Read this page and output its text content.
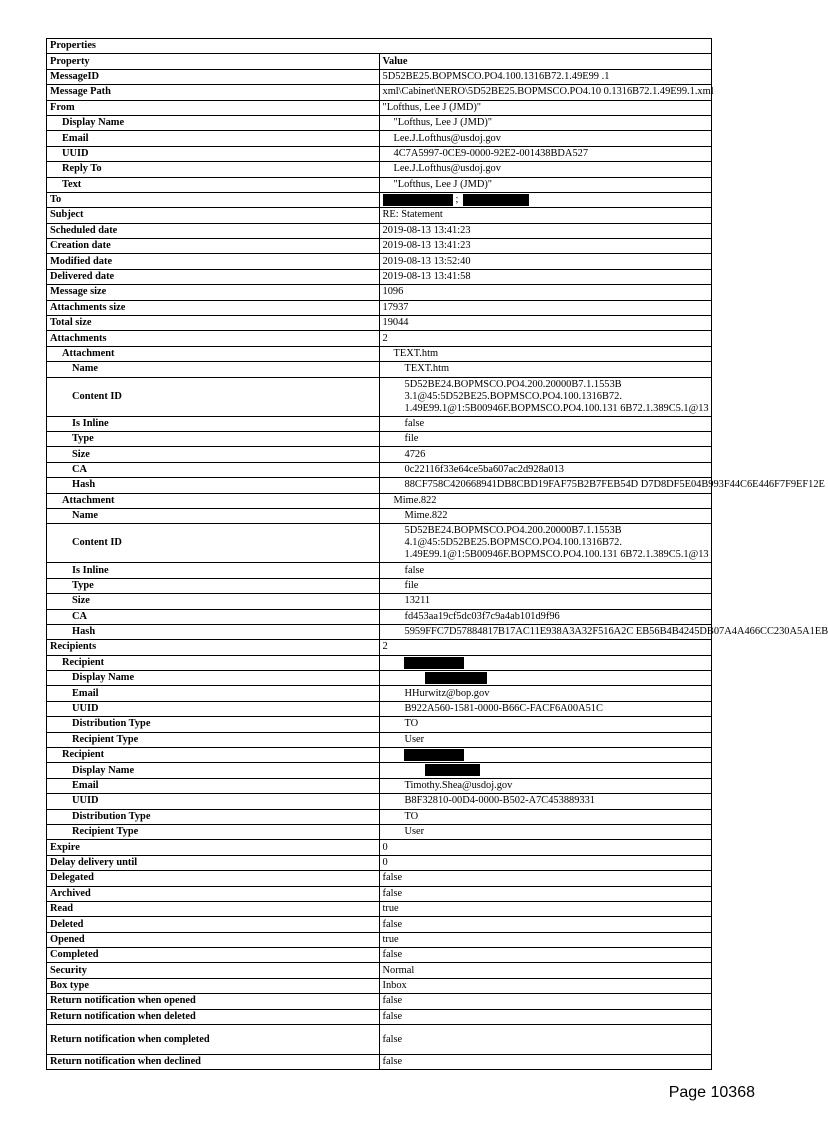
Properties	
Property	Value
MessageID	5D52BE25.BOPMSCO.PO4.100.1316B72.1.49E99 .1
Message Path	xml\Cabinet\NERO\5D52BE25.BOPMSCO.PO4.10 0.1316B72.1.49E99.1.xml
From	"Lofthus, Lee J (JMD)"
Display Name	"Lofthus, Lee J (JMD)"
Email	Lee.J.Lofthus@usdoj.gov
UUID	4C7A5997-0CE9-0000-92E2-001438BDA527
Reply To	Lee.J.Lofthus@usdoj.gov
Text	"Lofthus, Lee J (JMD)"
To	;
Subject	RE: Statement
Scheduled date	2019-08-13 13:41:23
Creation date	2019-08-13 13:41:23
Modified date	2019-08-13 13:52:40
Delivered date	2019-08-13 13:41:58
Message size	1096
Attachments size	17937
Total size	19044
Attachments	2
Attachment	TEXT.htm
Name	TEXT.htm
Content ID	5D52BE24.BOPMSCO.PO4.200.20000B7.1.1553B 3.1@45:5D52BE25.BOPMSCO.PO4.100.1316B72. 1.49E99.1@1:5B00946F.BOPMSCO.PO4.100.131 6B72.1.389C5.1@13
Is Inline	false
Type	file
Size	4726
CA	0c22116f33e64ce5ba607ac2d928a013
Hash	88CF758C420668941DB8CBD19FAF75B2B7FEB54D D7D8DF5E04B993F44C6E446F7F9EF12E
Attachment	Mime.822
Name	Mime.822
Content ID	5D52BE24.BOPMSCO.PO4.200.20000B7.1.1553B 4.1@45:5D52BE25.BOPMSCO.PO4.100.1316B72. 1.49E99.1@1:5B00946F.BOPMSCO.PO4.100.131 6B72.1.389C5.1@13
Is Inline	false
Type	file
Size	13211
CA	fd453aa19cf5dc03f7c9a4ab101d9f96
Hash	5959FFC7D57884817B17AC11E938A3A32F516A2C EB56B4B4245DB07A4A466CC230A5A1EB
Recipients	2
Recipient	
Display Name	
Email	HHurwitz@bop.gov
UUID	B922A560-1581-0000-B66C-FACF6A00A51C
Distribution Type	TO
Recipient Type	User
Recipient	
Display Name	
Email	Timothy.Shea@usdoj.gov
UUID	B8F32810-00D4-0000-B502-A7C453889331
Distribution Type	TO
Recipient Type	User
Expire	0
Delay delivery until	0
Delegated	false
Archived	false
Read	true
Deleted	false
Opened	true
Completed	false
Security	Normal
Box type	Inbox
Return notification when opened	false
Return notification when deleted	false
Return notification when completed	false
Return notification when declined	false
Page 10368
